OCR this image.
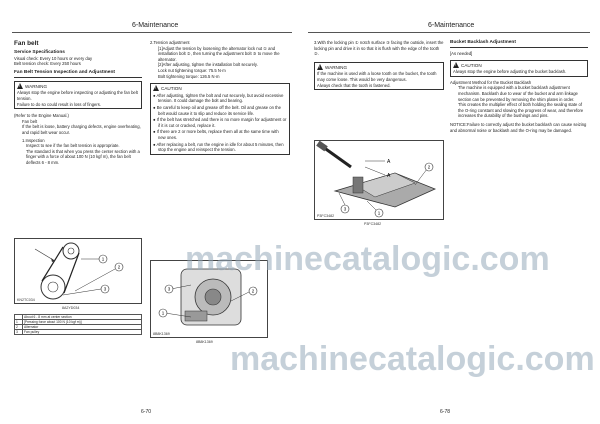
6-Maintenance
Fan belt
Service Specifications
Visual check: Every 10 hours or every day
Belt tension check: Every 250 hours
Fan Belt Tension Inspection and Adjustment
! WARNING
Always stop the engine before inspecting or adjusting the fan belt tension.
Failure to do so could result in loss of fingers.
(Refer to the Engine Manual.)
Fan belt
If the belt is loose, battery charging defects, engine overheating, and rapid belt wear occur.
1.Inspection
Inspect to see if the fan belt tension is appropriate.
The standard is that when you press the center section with a finger with a force of about 100 N (10 kgf m), the fan belt deflects 6 - 8 mm.
1
2
3
KN2TC034
8A2YD034
	About 6 - 8 mm at center section
1	[Pressing force about 100 N (10 kgf m)]
2	Alternator
3	Fan pulley
2.Tension adjustment
[1]Adjust the tension by loosening the alternator lock nut ① and installation bolt ②, then turning the adjustment bolt ③ to move the alternator.
[2]After adjusting, tighten the installation bolt securely.
Lock nut tightening torque: 75.5 N·m
Bolt tightening torque: 126.5 N·m
! CAUTION
● After adjusting, tighten the bolt and nut securely, but avoid excessive tension. It could damage the bolt and bearing.
● Be careful to keep oil and grease off the belt. Oil and grease on the belt would cause it to slip and reduce its service life.
● If the belt has stretched and there is no more margin for adjustment or if it is cut or cracked, replace it.
● If there are 2 or more belts, replace them all at the same time with new ones.
● After replacing a belt, run the engine in idle for about 5 minutes, then stop the engine and reinspect the tension.
3
1
2
8B8K1369
8B8K1369
6-70
6-Maintenance
3.With the locking pin ① notch surface ③ facing the outside, insert the locking pin and drive it in so that it is flush with the edge of the tooth ②.
! WARNING
If the machine is used with a loose tooth on the bucket, the tooth may come loose. This would be very dangerous.
Always check that the tooth is fastened.
A
A
1
2
3
P3FC3482
P3FC3482
Bucket Backlash Adjustment
[As needed]
! CAUTION
Always stop the engine before adjusting the bucket backlash.
Adjustment Method for the Bucket Backlash
The machine is equipped with a bucket backlash adjustment mechanism. Backlash due to wear of the bucket and arm linkage section can be prevented by removing the shim plates in order.
This creates the multiplier effect of both holding the sealing state of the O-ring constant and slowing the progress of wear, and therefore increases the durability of the bushings and pins.
NOTICE:Failure to correctly adjust the bucket backlash can cause seizing and abnormal noise or backlash and the O-ring may be damaged.
6-78
machinecatalogic.com
machinecatalogic.com
